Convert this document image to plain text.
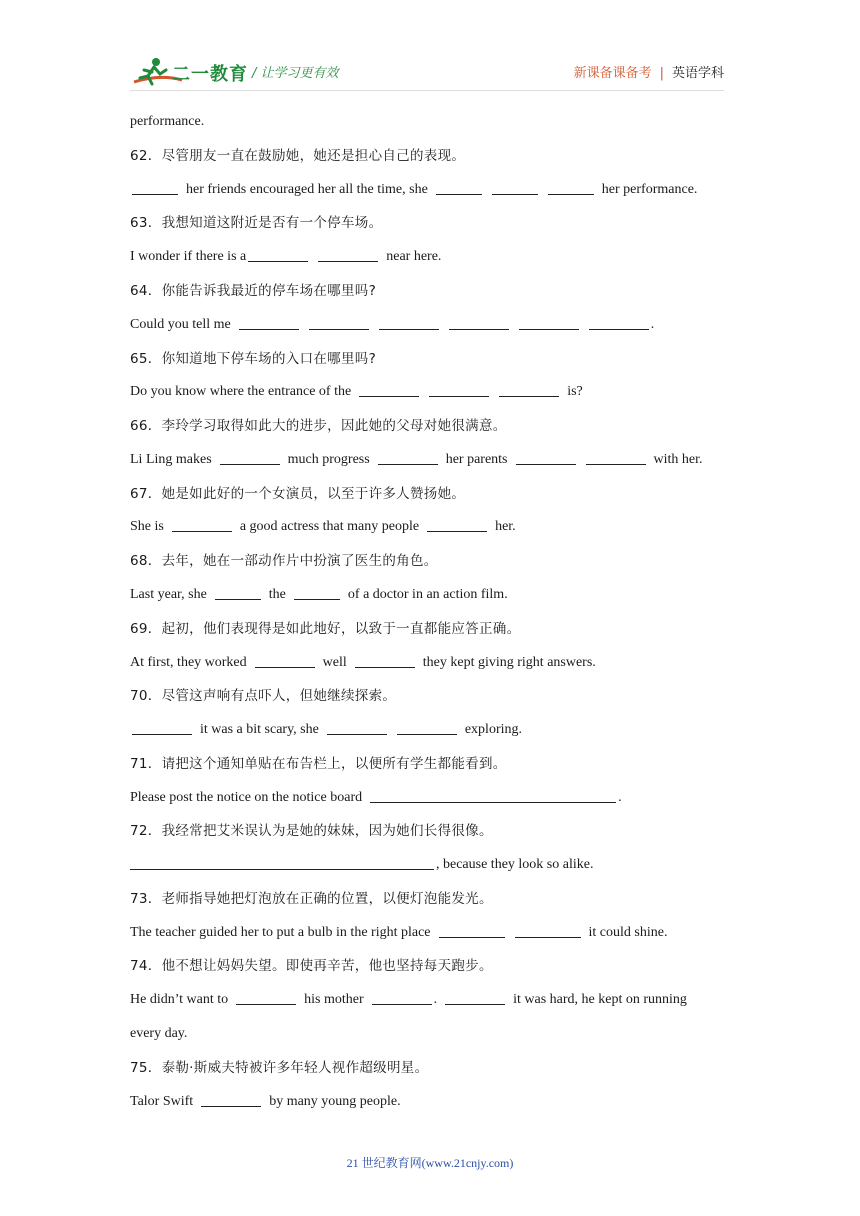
二一教育 / 让学习更有效	新课备课备考 | 英语学科
performance.
62．尽管朋友一直在鼓励她，她还是担心自己的表现。
her friends encouraged her all the time, she	her performance.
63．我想知道这附近是否有一个停车场。
I wonder if there is a	near here.
64．你能告诉我最近的停车场在哪里吗?
Could you tell me	.
65．你知道地下停车场的入口在哪里吗?
Do you know where the entrance of the	is?
66．李玲学习取得如此大的进步，因此她的父母对她很满意。
Li Ling makes	much progress	her parents	with her.
67．她是如此好的一个女演员，以至于许多人赞扬她。
She is	a good actress that many people	her.
68．去年，她在一部动作片中扮演了医生的角色。
Last year, she	the	of a doctor in an action film.
69．起初，他们表现得是如此地好，以致于一直都能应答正确。
At first, they worked	well	they kept giving right answers.
70．尽管这声响有点吓人，但她继续探索。
it was a bit scary, she	exploring.
71．请把这个通知单贴在布告栏上，以便所有学生都能看到。
Please post the notice on the notice board	.
72．我经常把艾米误认为是她的妹妹，因为她们长得很像。
, because they look so alike.
73．老师指导她把灯泡放在正确的位置，以便灯泡能发光。
The teacher guided her to put a bulb in the right place	it could shine.
74．他不想让妈妈失望。即使再辛苦，他也坚持每天跑步。
He didn’t want to	his mother	.	it was hard, he kept on running
every day.
75．泰勒·斯威夫特被许多年轻人视作超级明星。
Talor Swift	by many young people.
21 世纪教育网(www.21cnjy.com)
